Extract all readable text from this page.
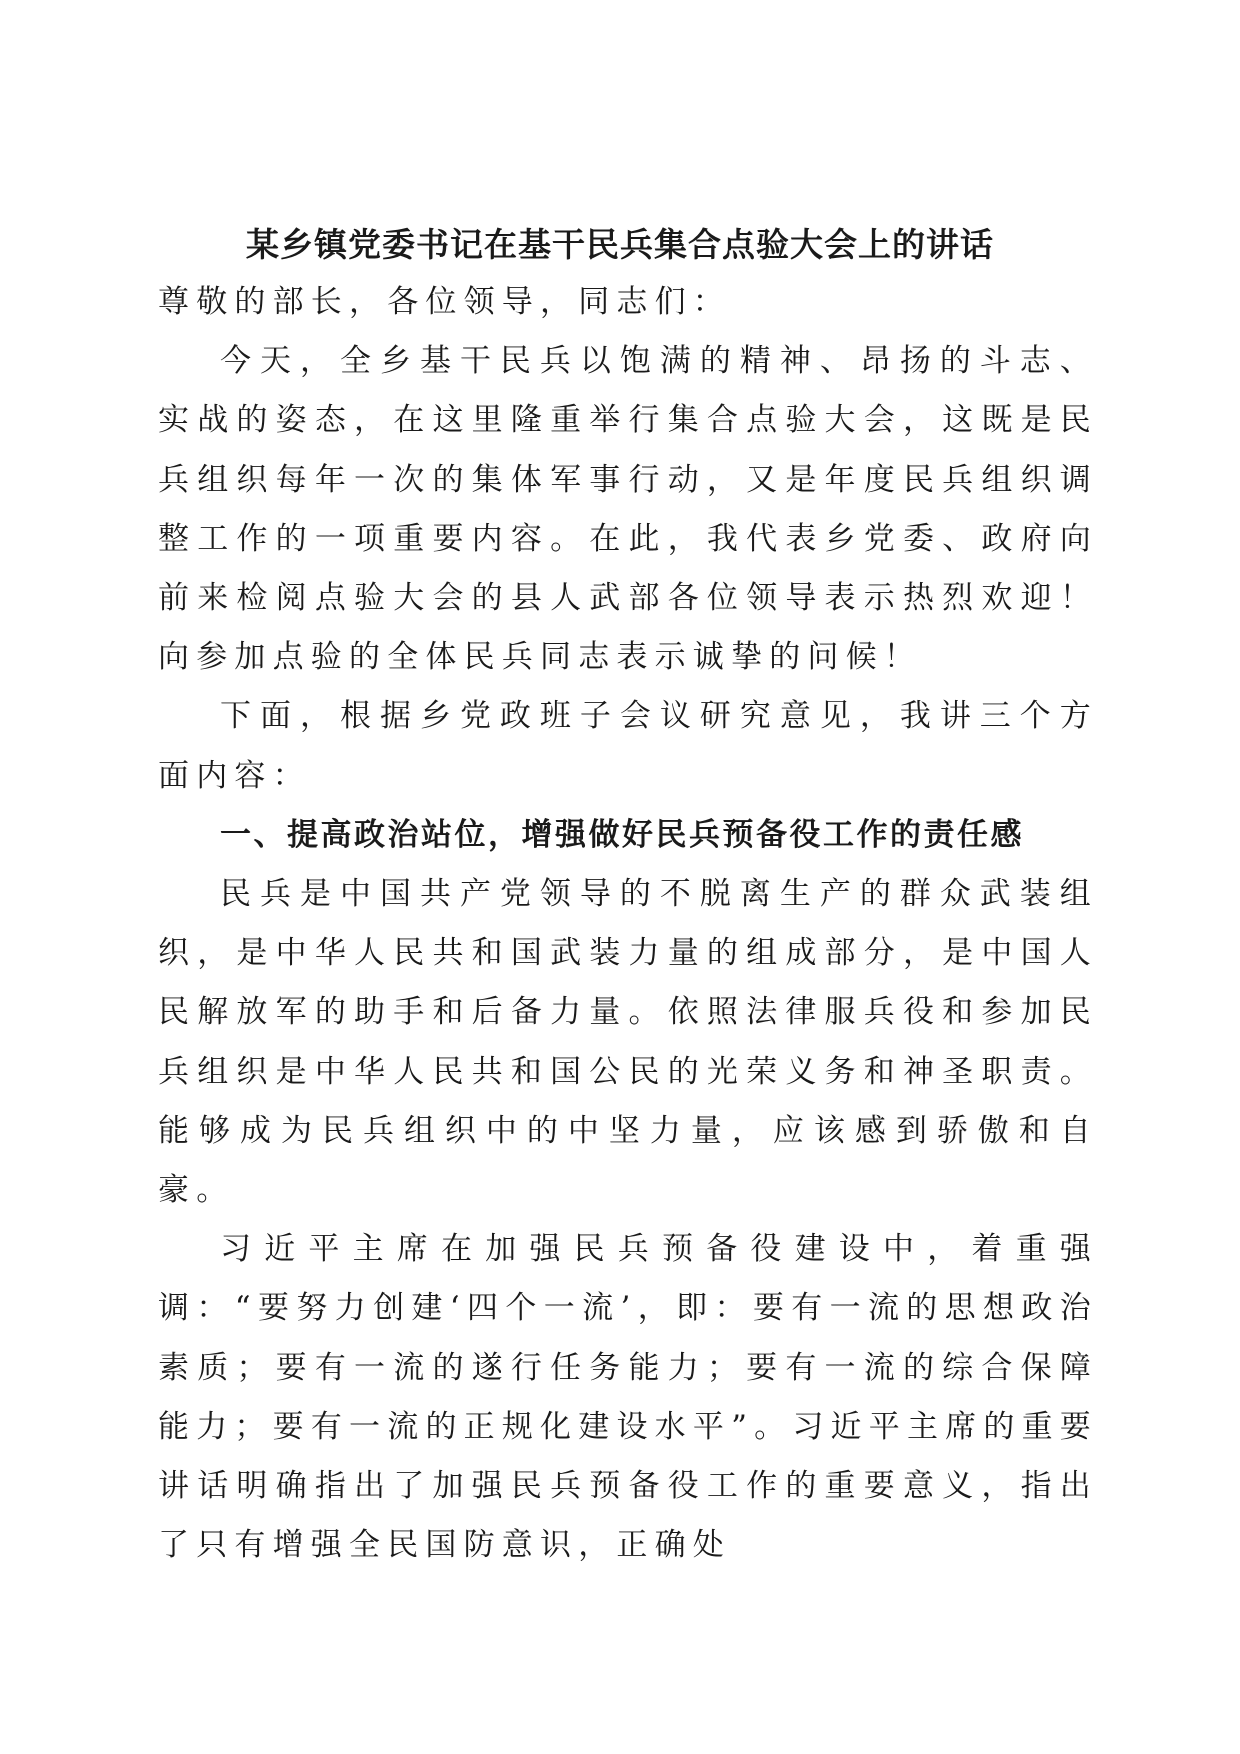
某乡镇党委书记在基干民兵集合点验大会上的讲话

尊敬的部长，各位领导，同志们：

今天，全乡基干民兵以饱满的精神、昂扬的斗志、实战的姿态，在这里隆重举行集合点验大会，这既是民兵组织每年一次的集体军事行动，又是年度民兵组织调整工作的一项重要内容。在此，我代表乡党委、政府向前来检阅点验大会的县人武部各位领导表示热烈欢迎！向参加点验的全体民兵同志表示诚挚的问候！

下面，根据乡党政班子会议研究意见，我讲三个方面内容：

一、提高政治站位，增强做好民兵预备役工作的责任感

民兵是中国共产党领导的不脱离生产的群众武装组织，是中华人民共和国武装力量的组成部分，是中国人民解放军的助手和后备力量。依照法律服兵役和参加民兵组织是中华人民共和国公民的光荣义务和神圣职责。能够成为民兵组织中的中坚力量，应该感到骄傲和自豪。

习近平主席在加强民兵预备役建设中，着重强调：“要努力创建‘四个一流’，即：要有一流的思想政治素质；要有一流的遂行任务能力；要有一流的综合保障能力；要有一流的正规化建设水平”。习近平主席的重要讲话明确指出了加强民兵预备役工作的重要意义，指出了只有增强全民国防意识，正确处
